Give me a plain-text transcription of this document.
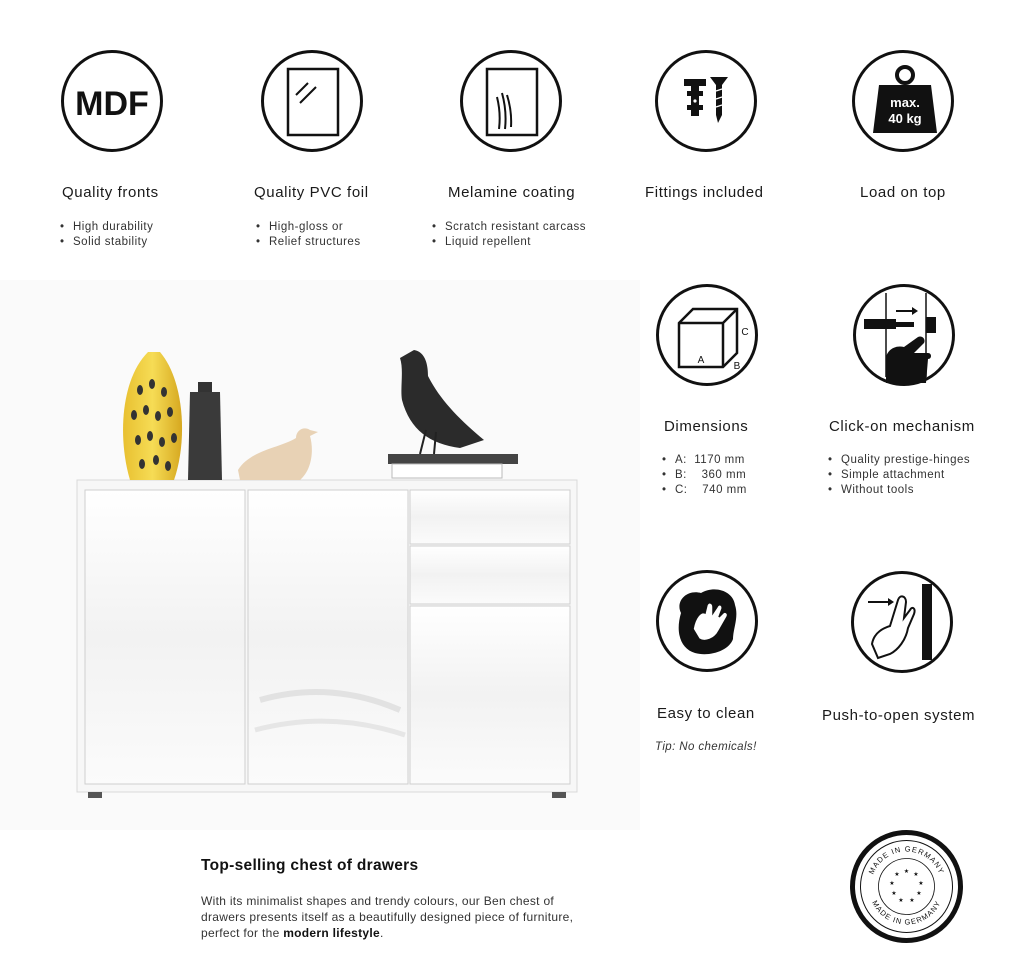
MDF
Quality fronts
• High durability
• Solid stability
Quality PVC foil
• High-gloss or
• Relief structures
Melamine coating
• Scratch resistant carcass
• Liquid repellent
Fittings included
max.
40 kg
Load on top
A
B
C
Dimensions
• A:  1170 mm
• B:    360 mm
• C:    740 mm
Click-on mechanism
• Quality prestige-hinges
• Simple attachment
• Without tools
Easy to clean
Tip: No chemicals!
Push-to-open system
Top-selling chest of drawers
With its minimalist shapes and trendy colours, our Ben chest of drawers presents itself as a beautifully designed piece of furniture, perfect for the modern lifestyle.
MADE IN GERMANY
MADE IN GERMANY
★ ★
★
★
★
★
★
★
★
